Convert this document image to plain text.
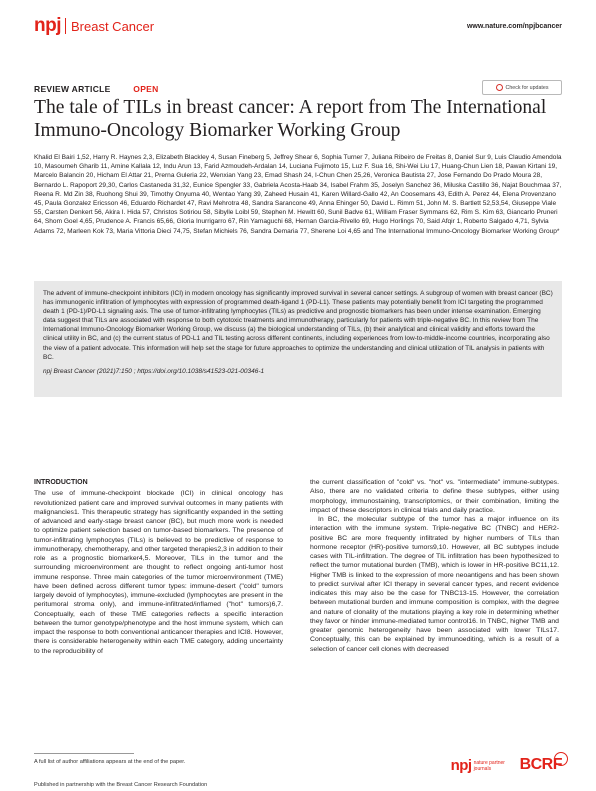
npj Breast Cancer	www.nature.com/npjbcancer
REVIEW ARTICLE	OPEN	Check for updates
The tale of TILs in breast cancer: A report from The International Immuno-Oncology Biomarker Working Group
Khalid El Bairi 1,52, Harry R. Haynes 2,3, Elizabeth Blackley 4, Susan Fineberg 5, Jeffrey Shear 6, Sophia Turner 7, Juliana Ribeiro de Freitas 8, Daniel Sur 9, Luis Claudio Amendola 10, Masoumeh Gharib 11, Amine Kallala 12, Indu Arun 13, Farid Azmoudeh-Ardalan 14, Luciana Fujimoto 15, Luz F. Sua 16, Shi-Wei Liu 17, Huang-Chun Lien 18, Pawan Kirtani 19, Marcelo Balancin 20, Hicham El Attar 21, Prerna Guleria 22, Wenxian Yang 23, Emad Shash 24, I-Chun Chen 25,26, Veronica Bautista 27, Jose Fernando Do Prado Moura 28, Bernardo L. Rapoport 29,30, Carlos Castaneda 31,32, Eunice Spengler 33, Gabriela Acosta-Haab 34, Isabel Frahm 35, Joselyn Sanchez 36, Miluska Castillo 36, Najat Bouchmaa 37, Reena R. Md Zin 38, Ruohong Shui 39, Timothy Onyuma 40, Wentao Yang 39, Zaheed Husain 41, Karen Willard-Gallo 42, An Coosemans 43, Edith A. Perez 44, Elena Provenzano 45, Paula Gonzalez Ericsson 46, Eduardo Richardet 47, Ravi Mehrotra 48, Sandra Sarancone 49, Anna Ehinger 50, David L. Rimm 51, John M. S. Bartlett 52,53,54, Giuseppe Viale 55, Carsten Denkert 56, Akira I. Hida 57, Christos Sotiriou 58, Sibylle Loibl 59, Stephen M. Hewitt 60, Sunil Badve 61, William Fraser Symmans 62, Rim S. Kim 63, Giancarlo Pruneri 64, Shom Goel 4,65, Prudence A. Francis 65,66, Gloria Inurrigarro 67, Rin Yamaguchi 68, Hernan Garcia-Rivello 69, Hugo Horlings 70, Said Afqir 1, Roberto Salgado 4,71, Sylvia Adams 72, Marleen Kok 73, Maria Vittoria Dieci 74,75, Stefan Michiels 76, Sandra Demaria 77, Sherene Loi 4,65 and The International Immuno-Oncology Biomarker Working Group*

The advent of immune-checkpoint inhibitors (ICI) in modern oncology has significantly improved survival in several cancer settings. A subgroup of women with breast cancer (BC) has immunogenic infiltration of lymphocytes with expression of programmed death-ligand 1 (PD-L1). These patients may potentially benefit from ICI targeting the programmed death 1 (PD-1)/PD-L1 signaling axis. The use of tumor-infiltrating lymphocytes (TILs) as predictive and prognostic biomarkers has been under intense examination. Emerging data suggest that TILs are associated with response to both cytotoxic treatments and immunotherapy, particularly for patients with triple-negative BC. In this review from The International Immuno-Oncology Biomarker Working Group, we discuss (a) the biological understanding of TILs, (b) their analytical and clinical validity and efforts toward the clinical utility in BC, and (c) the current status of PD-L1 and TIL testing across different continents, including experiences from low-to-middle-income countries, incorporating also the view of a patient advocate. This information will help set the stage for future approaches to optimize the understanding and clinical utilization of TIL analysis in patients with BC.

npj Breast Cancer (2021)7:150 ; https://doi.org/10.1038/s41523-021-00346-1

INTRODUCTION

The use of immune-checkpoint blockade (ICI) in clinical oncology has revolutionized patient care and improved survival outcomes in many patients with malignancies1. This therapeutic strategy has significantly expanded in the setting of advanced and early-stage breast cancer (BC), but much more work is needed to optimize patient selection based on tumor-based biomarkers. The presence of tumor-infiltrating lymphocytes (TILs) is believed to be predictive of response to immunotherapy, chemotherapy, and other targeted therapies2,3 in addition to their role as a prognostic biomarker4,5. Moreover, TILs in the tumor and the surrounding microenvironment are thought to reflect ongoing anti-tumor host immune response. Three main categories of the tumor microenvironment (TME) have been defined across different tumor types: immune-desert ("cold" tumors largely devoid of lymphocytes), immune-excluded (lymphocytes are present in the peritumoral stroma only), and immune-infiltrated/inflamed ("hot" tumors)6,7. Conceptually, each of these TME categories reflects a specific interaction between the tumor genotype/phenotype and the host immune system, which can impact the response to both conventional anticancer therapies and ICI8. However, there is considerable heterogeneity within each TME category, adding uncertainty to the reproducibility of

the current classification of "cold" vs. "hot" vs. "intermediate" immune-subtypes. Also, there are no validated criteria to define these subtypes, either using morphology, immunostaining, transcriptomics, or their combination, limiting the impact of these descriptors in clinical trials and daily practice.

In BC, the molecular subtype of the tumor has a major influence on its interaction with the immune system. Triple-negative BC (TNBC) and HER2-positive BC are more frequently infiltrated by higher numbers of TILs than hormone receptor (HR)-positive tumors9,10. However, all BC subtypes include cases with TIL-infiltration. The degree of TIL infiltration has been hypothesized to reflect the tumor mutational burden (TMB), which is lower in HR-positive BC11,12. Higher TMB is linked to the expression of more neoantigens and has been shown to predict survival after ICI therapy in several cancer types, and recent evidence indicates this may also be the case for TNBC13-15. However, the correlation between mutational burden and immune composition is complex, with the degree and nature of clonality of the mutations playing a key role in determining whether they favor or hinder immune-mediated tumor control16. In TNBC, higher TMB and greater genomic heterogeneity have been associated with lower TILs17. Conceptually, this can be explained by immunoediting, which is a result of a selection of cancer cell clones with decreased

A full list of author affiliations appears at the end of the paper.
Published in partnership with the Breast Cancer Research Foundation
npj nature partner journals	BCRF
